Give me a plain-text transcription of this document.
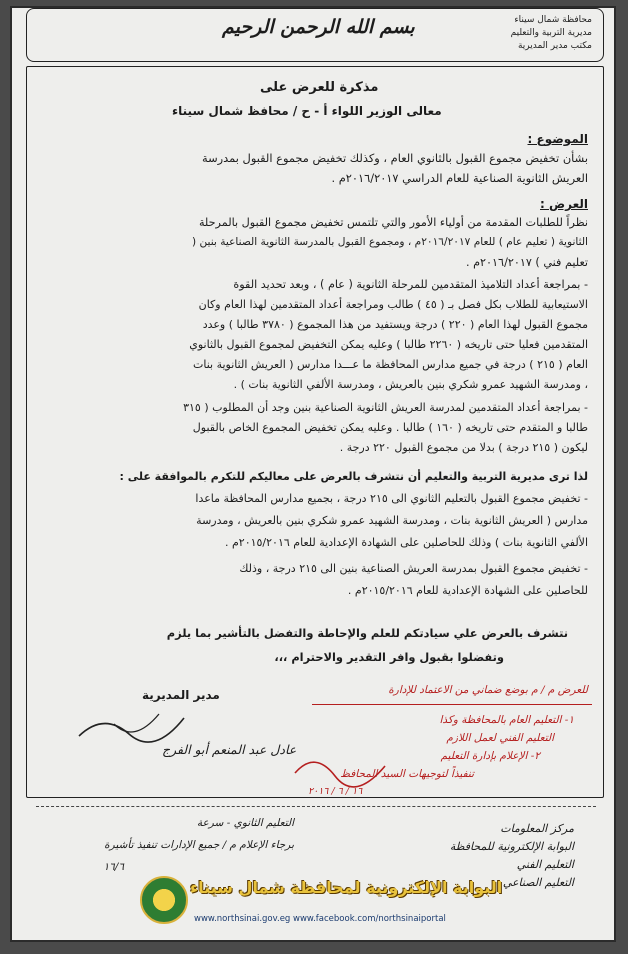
بسم الله الرحمن الرحيم	محافظة شمال سيناء
مديرية التربية والتعليم
مكتب مدير المديرية
مذكرة للعرض على
معالى الوزير اللواء أ - ح / محافظ شمال سيناء
الموضوع :
بشأن تخفيض مجموع القبول بالثانوي العام ، وكذلك تخفيض مجموع القبول بمدرسة
العريش الثانوية الصناعية للعام الدراسي ٢٠١٦/٢٠١٧م .
العرض :
نظراً للطلبات المقدمة من أولياء الأمور والتي تلتمس تخفيض مجموع القبول بالمرحلة
الثانوية ( تعليم عام ) للعام ٢٠١٦/٢٠١٧م ، ومجموع القبول بالمدرسة الثانوية الصناعية بنين (
تعليم فني ) ٢٠١٦/٢٠١٧م .
- بمراجعة أعداد التلاميذ المتقدمين للمرحلة الثانوية ( عام ) ، وبعد تحديد القوة
الاستيعابية للطلاب بكل فصل بـ ( ٤٥ ) طالب ومراجعة أعداد المتقدمين لهذا العام وكان
مجموع القبول لهذا العام ( ٢٢٠ ) درجة ويستفيد من هذا المجموع ( ٣٧٨٠ طالبا ) وعدد
المتقدمين فعليا حتى تاريخه ( ٢٢٦٠ طالبا ) وعليه يمكن التخفيض لمجموع القبول بالثانوي
العام ( ٢١٥ ) درجة في جميع مدارس المحافظة ما عـــدا مدارس ( العريش الثانوية بنات
، ومدرسة الشهيد عمرو شكري بنين بالعريش ، ومدرسة الألفي الثانوية بنات ) .
- بمراجعة أعداد المتقدمين لمدرسة العريش الثانوية الصناعية بنين وجد أن المطلوب ( ٣١٥
طالبا و المتقدم حتى تاريخه ( ١٦٠ ) طالبا . وعليه يمكن تخفيض المجموع الخاص بالقبول
ليكون ( ٢١٥ درجة ) بدلا من مجموع القبول ٢٢٠ درجة .
لذا ترى مديرية التربية والتعليم أن نتشرف بالعرض على معاليكم للتكرم بالموافقة على :
- تخفيض مجموع القبول بالتعليم الثانوي الى ٢١٥ درجة ، بجميع مدارس المحافظة ماعدا
مدارس ( العريش الثانوية بنات ، ومدرسة الشهيد عمرو شكري بنين بالعريش ، ومدرسة
الألفي الثانوية بنات ) وذلك للحاصلين على الشهادة الإعدادية للعام ٢٠١٥/٢٠١٦م .
- تخفيض مجموع القبول بمدرسة العريش الصناعية بنين الى ٢١٥ درجة ، وذلك
للحاصلين على الشهادة الإعدادية للعام ٢٠١٥/٢٠١٦م .
نتشرف بالعرض علي سيادتكم للعلم والإحاطة والتفضل بالتأشير بما يلزم
وتفضلوا بقبول وافر التقدير والاحترام ،،،
مدير المديرية
عادل عبد المنعم أبو الفرج
للعرض م / م بوضع ضماني من الاعتماد للإدارة
١- التعليم العام بالمحافظة وكذا
التعليم الفني لعمل اللازم
٢- الإعلام بإدارة التعليم
تنفيذاً لتوجيهات السيد المحافظ
١٦ / ٦ / ٢٠١٦
مركز المعلومات
البوابة الإلكترونية للمحافظة
التعليم الفني
التعليم الصناعي
التعليم الثانوي - سرعة
برجاء الإعلام م / جميع الإدارات تنفيذ تأشيرة
١٦/٦
البوابة الإلكترونية لمحافظة شمال سيناء
www.northsinai.gov.eg www.facebook.com/northsinaiportal
